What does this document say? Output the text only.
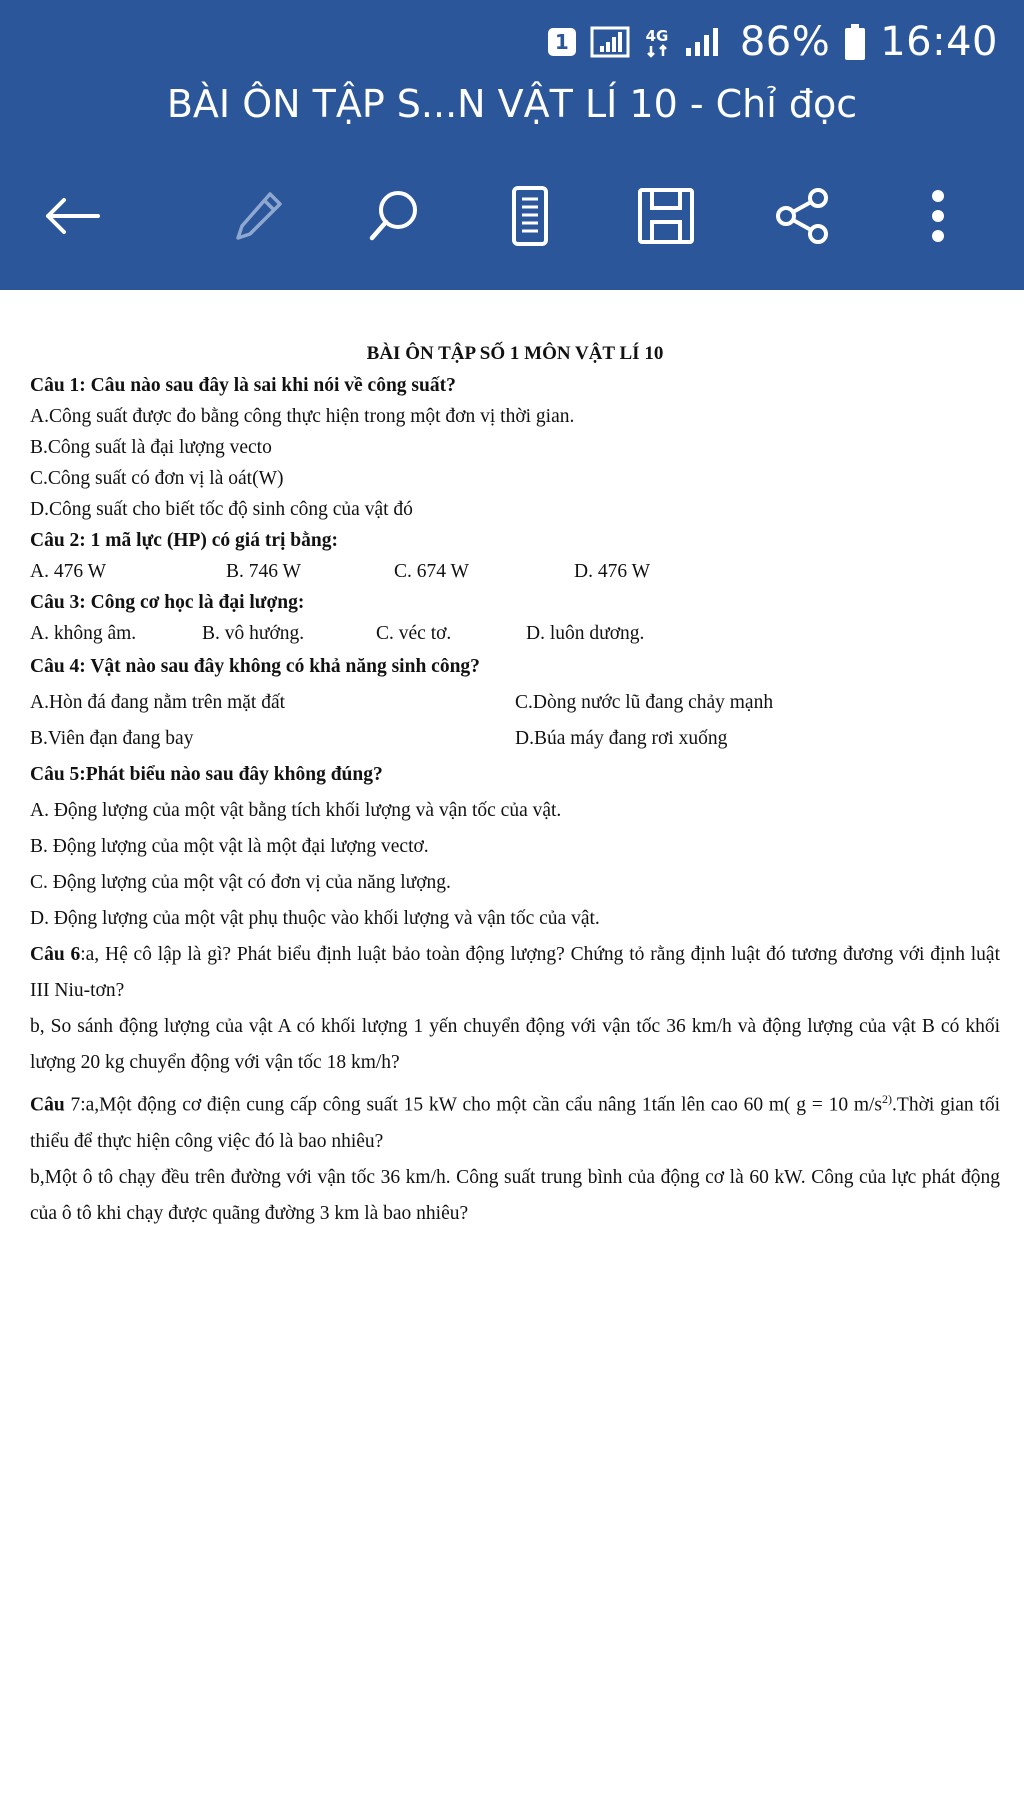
1	4G 86% 16:40
BÀI ÔN TẬP S...N VẬT LÍ 10 - Chỉ đọc
BÀI ÔN TẬP SỐ 1 MÔN VẬT LÍ 10
Câu 1: Câu nào sau đây là sai khi nói về công suất?
A.Công suất được đo bằng công thực hiện trong một đơn vị thời gian.
B.Công suất là đại lượng vecto
C.Công suất có đơn vị là oát(W)
D.Công suất cho biết tốc độ sinh công của vật đó
Câu 2: 1 mã lực (HP) có giá trị bằng:
A. 476 W	B. 746 W	C. 674 W	D. 476 W
Câu 3: Công cơ học là đại lượng:
A. không âm.	B. vô hướng.	C. véc tơ.	D. luôn dương.
Câu 4: Vật nào sau đây không có khả năng sinh công?
A.Hòn đá đang nằm trên mặt đất	C.Dòng nước lũ đang chảy mạnh
B.Viên đạn đang bay	D.Búa máy đang rơi xuống
Câu 5:Phát biểu nào sau đây không đúng?
A. Động lượng của một vật bằng tích khối lượng và vận tốc của vật.
B. Động lượng của một vật là một đại lượng vectơ.
C. Động lượng của một vật có đơn vị của năng lượng.
D. Động lượng của một vật phụ thuộc vào khối lượng và vận tốc của vật.
Câu 6:a, Hệ cô lập là gì? Phát biểu định luật bảo toàn động lượng? Chứng tỏ rằng định luật đó tương đương với định luật III Niu-tơn?
b, So sánh động lượng của vật A có khối lượng 1 yến chuyển động với vận tốc 36 km/h và động lượng của vật B có khối lượng 20 kg chuyển động với vận tốc 18 km/h?
Câu 7:a,Một động cơ điện cung cấp công suất 15 kW cho một cần cẩu nâng 1tấn lên cao 60 m( g = 10 $m/s^{2)}.Thời$ gian tối thiểu để thực hiện công việc đó là bao nhiêu?
b,Một ô tô chạy đều trên đường với vận tốc 36 km/h. Công suất trung bình của động cơ là 60 kW. Công của lực phát động của ô tô khi chạy được quãng đường 3 km là bao nhiêu?
